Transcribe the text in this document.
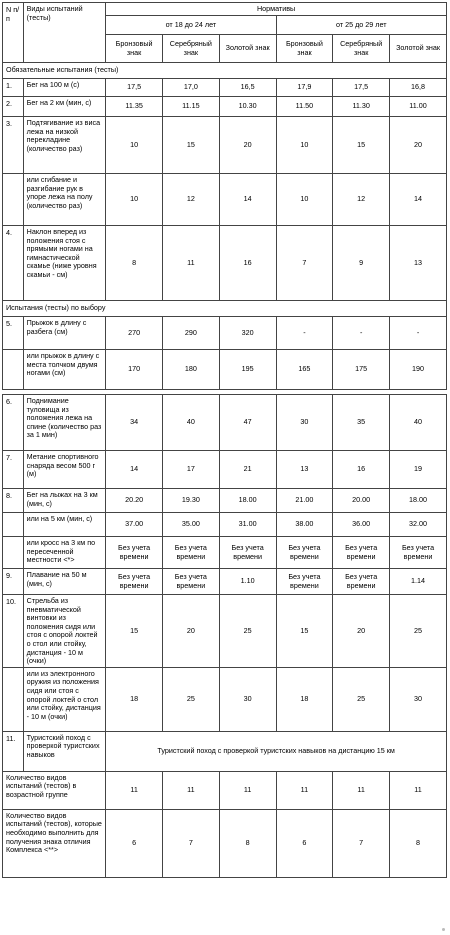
N п/п	Виды испытаний (тесты)	Нормативы					
		от 18 до 24 лет			от 25 до 29 лет		
		Бронзовый знак	Серебряный знак	Золотой знак	Бронзовый знак	Серебряный знак	Золотой знак
Обязательные испытания (тесты)							
1.	Бег на 100 м (с)	17,5	17,0	16,5	17,9	17,5	16,8
2.	Бег на 2 км (мин, с)	11.35	11.15	10.30	11.50	11.30	11.00
3.	Подтягивание из виса лежа на низкой перекладине (количество раз)	10	15	20	10	15	20
	или сгибание и разгибание рук в упоре лежа на полу (количество раз)	10	12	14	10	12	14
4.	Наклон вперед из положения стоя с прямыми ногами на гимнастической скамье (ниже уровня скамьи - см)	8	11	16	7	9	13
Испытания (тесты) по выбору							
5.	Прыжок в длину с разбега (см)	270	290	320	-	-	-
	или прыжок в длину с места толчком двумя ногами (см)	170	180	195	165	175	190

6.	Поднимание туловища из положения лежа на спине (количество раз за 1 мин)	34	40	47	30	35	40
7.	Метание спортивного снаряда весом 500 г (м)	14	17	21	13	16	19
8.	Бег на лыжах на 3 км (мин, с)	20.20	19.30	18.00	21.00	20.00	18.00
	или на 5 км (мин, с)	37.00	35.00	31.00	38.00	36.00	32.00
	или кросс на 3 км по пересеченной местности <*>	Без учета времени	Без учета времени	Без учета времени	Без учета времени	Без учета времени	Без учета времени
9.	Плавание на 50 м (мин, с)	Без учета времени	Без учета времени	1.10	Без учета времени	Без учета времени	1.14
10.	Стрельба из пневматической винтовки из положения сидя или стоя с опорой локтей о стол или стойку, дистанция - 10 м (очки)	15	20	25	15	20	25
	или из электронного оружия из положения сидя или стоя с опорой локтей о стол или стойку, дистанция - 10 м (очки)	18	25	30	18	25	30
11.	Туристский поход с проверкой туристских навыков	Туристский поход с проверкой туристских навыков на дистанцию 15 км					
Количество видов испытаний (тестов) в возрастной группе		11	11	11	11	11	11
Количество видов испытаний (тестов), которые необходимо выполнить для получения знака отличия Комплекса <**>		6	7	8	6	7	8
